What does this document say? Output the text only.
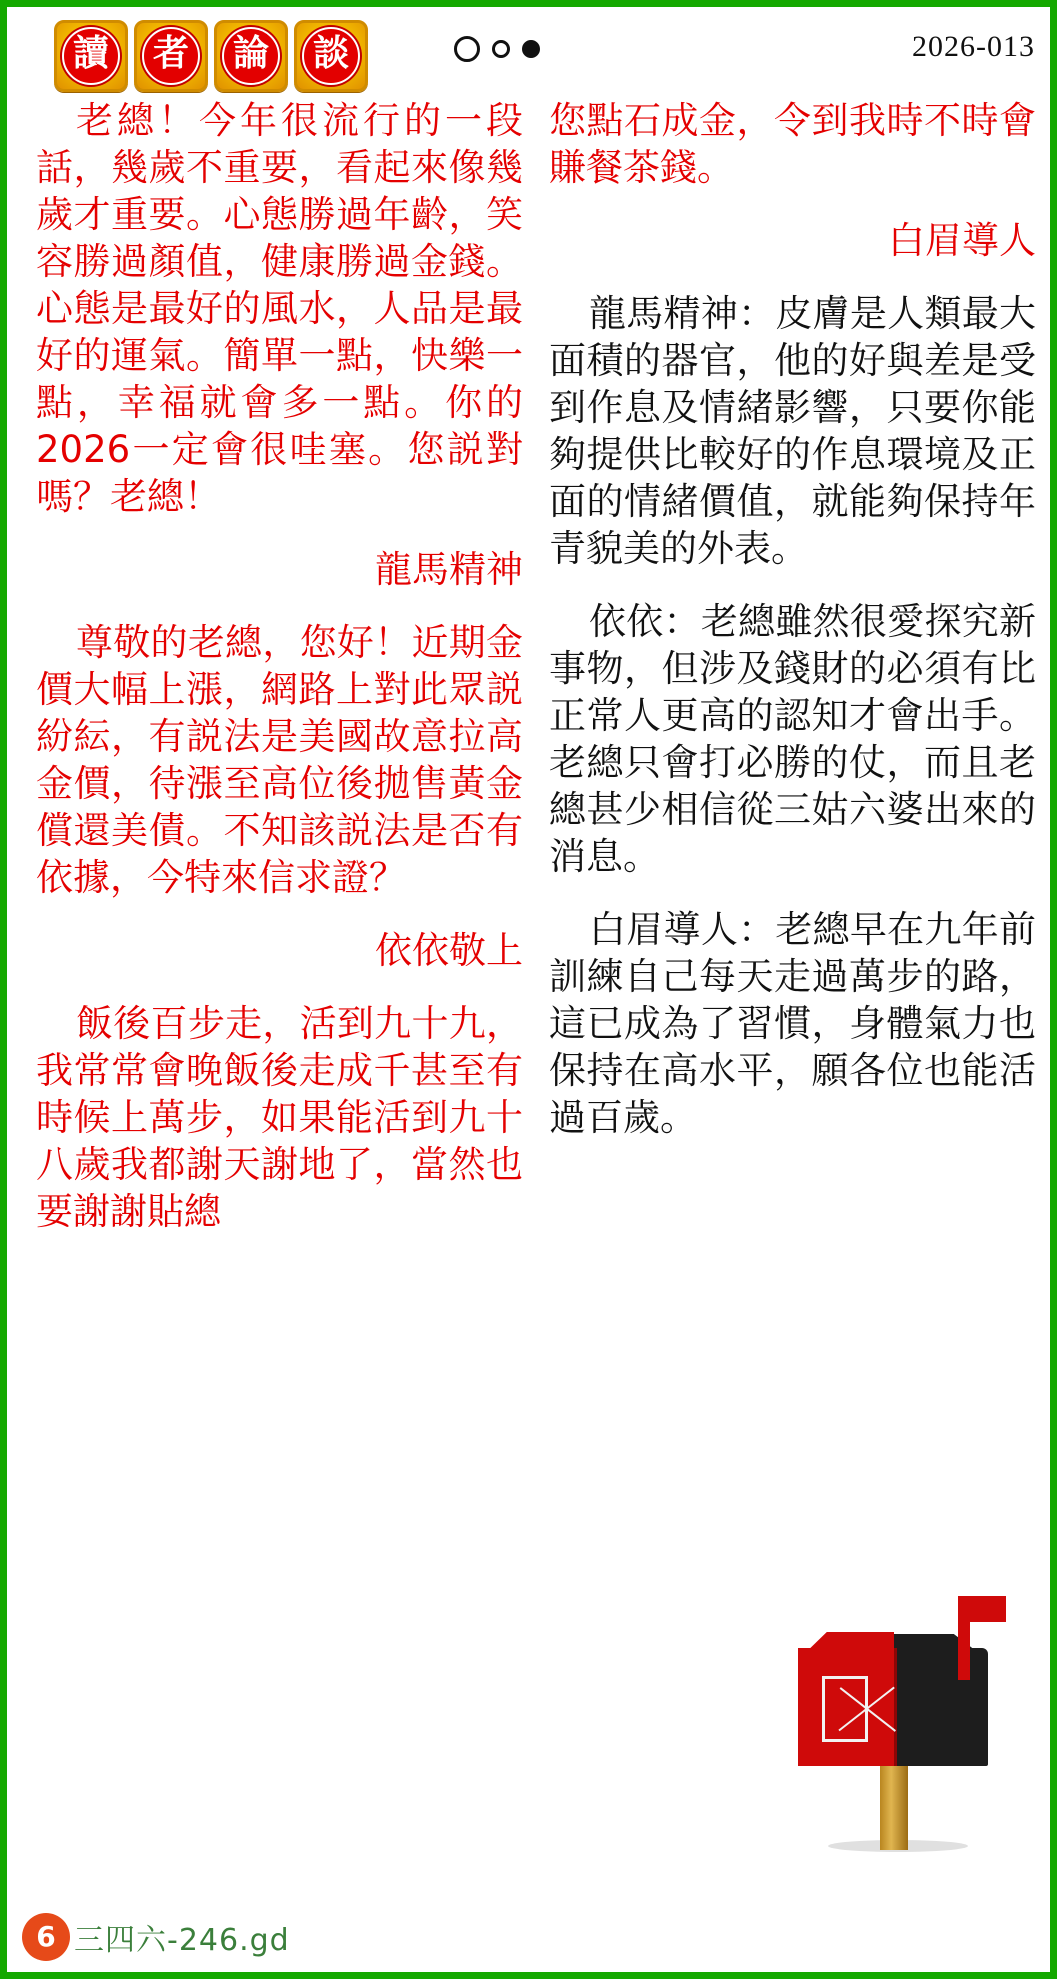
讀	者	論	談	2026-013

老總！今年很流行的一段話，幾歲不重要，看起來像幾歲才重要。心態勝過年齡，笑容勝過顏值，健康勝過金錢。心態是最好的風水，人品是最好的運氣。簡單一點，快樂一點，幸福就會多一點。你的2026一定會很哇塞。您説對嗎？老總！

龍馬精神

尊敬的老總，您好！近期金價大幅上漲，網路上對此眾説紛紜，有説法是美國故意拉高金價，待漲至高位後拋售黃金償還美債。不知該説法是否有依據，今特來信求證？

依依敬上

飯後百步走，活到九十九，我常常會晚飯後走成千甚至有時候上萬步，如果能活到九十八歲我都謝天謝地了，當然也要謝謝貼總

您點石成金，令到我時不時會賺餐茶錢。

白眉導人

龍馬精神：皮膚是人類最大面積的器官，他的好與差是受到作息及情緒影響，只要你能夠提供比較好的作息環境及正面的情緒價值，就能夠保持年青貌美的外表。

依依：老總雖然很愛探究新事物，但涉及錢財的必須有比正常人更高的認知才會出手。老總只會打必勝的仗，而且老總甚少相信從三姑六婆出來的消息。

白眉導人：老總早在九年前訓練自己每天走過萬步的路，這已成為了習慣，身體氣力也保持在高水平，願各位也能活過百歲。

6 三四六-246.gd
